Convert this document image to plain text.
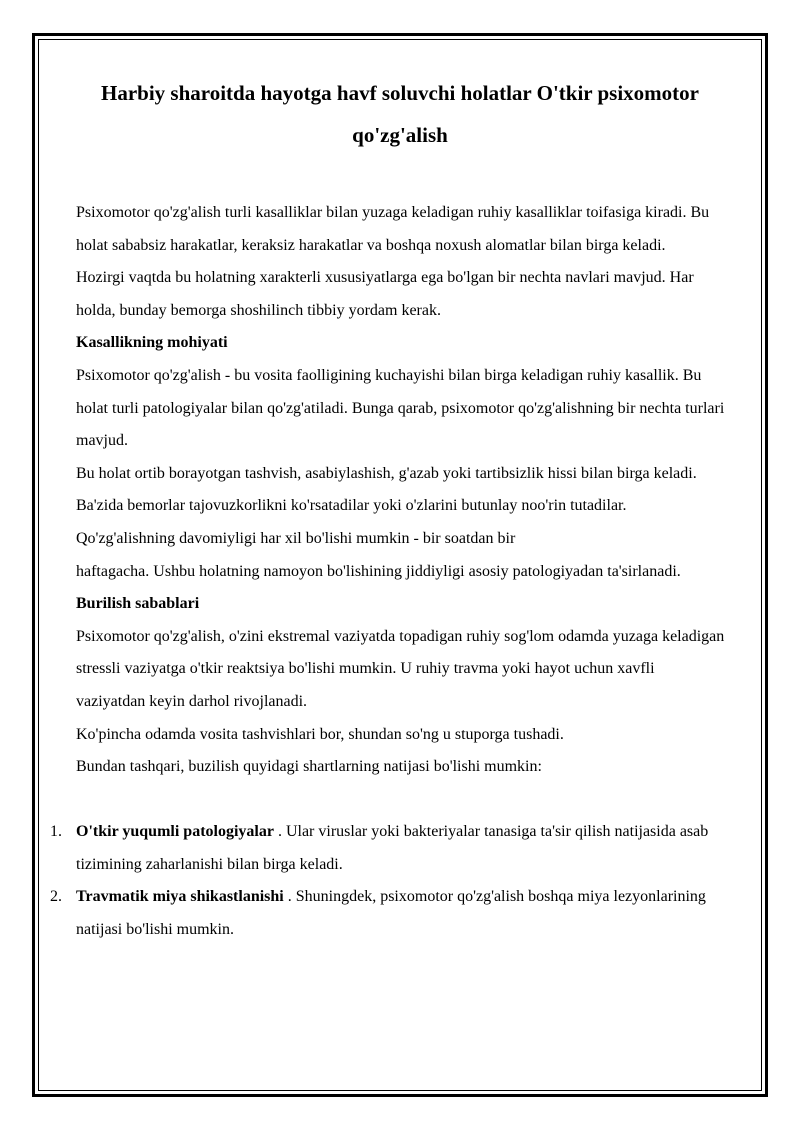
Harbiy sharoitda hayotga havf soluvchi holatlar O'tkir psixomotor qo'zg'alish

Psixomotor qo'zg'alish turli kasalliklar bilan yuzaga keladigan ruhiy kasalliklar toifasiga kiradi. Bu holat sababsiz harakatlar, keraksiz harakatlar va boshqa noxush alomatlar bilan birga keladi.

Hozirgi vaqtda bu holatning xarakterli xususiyatlarga ega bo'lgan bir nechta navlari mavjud. Har holda, bunday bemorga shoshilinch tibbiy yordam kerak.

Kasallikning mohiyati

Psixomotor qo'zg'alish - bu vosita faolligining kuchayishi bilan birga keladigan ruhiy kasallik. Bu holat turli patologiyalar bilan qo'zg'atiladi. Bunga qarab, psixomotor qo'zg'alishning bir nechta turlari mavjud.

Bu holat ortib borayotgan tashvish, asabiylashish, g'azab yoki tartibsizlik hissi bilan birga keladi. Ba'zida bemorlar tajovuzkorlikni ko'rsatadilar yoki o'zlarini butunlay noo'rin tutadilar.

Qo'zg'alishning davomiyligi har xil bo'lishi mumkin - bir soatdan bir

haftagacha. Ushbu holatning namoyon bo'lishining jiddiyligi asosiy patologiyadan ta'sirlanadi.

Burilish sabablari

Psixomotor qo'zg'alish, o'zini ekstremal vaziyatda topadigan ruhiy sog'lom odamda yuzaga keladigan stressli vaziyatga o'tkir reaktsiya bo'lishi mumkin. U ruhiy travma yoki hayot uchun xavfli vaziyatdan keyin darhol rivojlanadi.

Ko'pincha odamda vosita tashvishlari bor, shundan so'ng u stuporga tushadi.

Bundan tashqari, buzilish quyidagi shartlarning natijasi bo'lishi mumkin:

1. O'tkir yuqumli patologiyalar . Ular viruslar yoki bakteriyalar tanasiga ta'sir qilish natijasida asab tizimining zaharlanishi bilan birga keladi.
2. Travmatik miya shikastlanishi . Shuningdek, psixomotor qo'zg'alish boshqa miya lezyonlarining natijasi bo'lishi mumkin.
